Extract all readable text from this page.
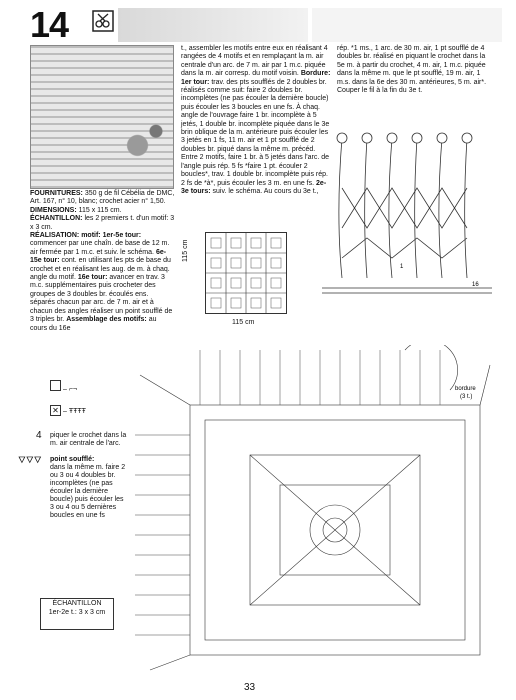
14

FOURNITURES: 350 g de fil Cébélia de DMC, Art. 167, n° 10, blanc; crochet acier n° 1,50.

DIMENSIONS: 115 x 115 cm.

ÉCHANTILLON: les 2 premiers t. d'un motif: 3 x 3 cm.

RÉALISATION: motif: 1er-5e tour: commencer par une chaîn. de base de 12 m. air fermée par 1 m.c. et suiv. le schéma. 6e-15e tour: cont. en utilisant les pts de base du crochet et en réalisant les aug. de m. à chaq. angle du motif. 16e tour: avancer en trav. 3 m.c. supplémentaires puis crocheter des groupes de 3 doubles br. écoulés ens. séparés chacun par arc. de 7 m. air et à chacun des angles réaliser un point soufflé de 3 triples br. Assemblage des motifs: au cours du 16e

t., assembler les motifs entre eux en réalisant 4 rangées de 4 motifs et en remplaçant la m. air centrale d'un arc. de 7 m. air par 1 m.c. piquée dans la m. air corresp. du motif voisin. Bordure: 1er tour: trav. des pts soufflés de 2 doubles br. réalisés comme suit: faire 2 doubles br. incomplètes (ne pas écouler la dernière boucle) puis écouler les 3 boucles en une fs. À chaq. angle de l'ouvrage faire 1 br. incomplète à 5 jetés, 1 double br. incomplète piquée dans le 3e brin oblique de la m. antérieure puis écouler les 3 jetés en 1 fs, 11 m. air et 1 pt soufflé de 2 doubles br. piqué dans la même m. précéd. Entre 2 motifs, faire 1 br. à 5 jetés dans l'arc. de l'angle puis rép. 5 fs *faire 1 pt. écouler 2 boucles*, trav. 1 double br. incomplète puis rép. 2 fs de *à*, puis écouler les 3 m. en une fs. 2e-3e tours: suiv. le schéma. Au cours du 3e t.,
rép. *1 ms., 1 arc. de 30 m. air, 1 pt soufflé de 4 doubles br. réalisé en piquant le crochet dans la 5e m. à partir du crochet, 4 m. air, 1 m.c. piquée dans la même m. que le pt soufflé, 19 m. air, 1 m.s. dans la 6e des 30 m. antérieures, 5 m. air*. Couper le fil à la fin du 3e t.
1
16
115 cm
115 cm
– ⌐¬
✕ – ŦŦŦŦ
4 piquer le crochet dans la m. air centrale de l'arc.
🜄🜄🜄 point soufflé:
dans la même m. faire 2 ou 3 ou 4 doubles br. incomplètes (ne pas écouler la dernière boucle) puis écouler les 3 ou 4 ou 5 dernières boucles en une fs
bordure
(3 t.)
ÉCHANTILLON
1er-2e t.: 3 x 3 cm
33
